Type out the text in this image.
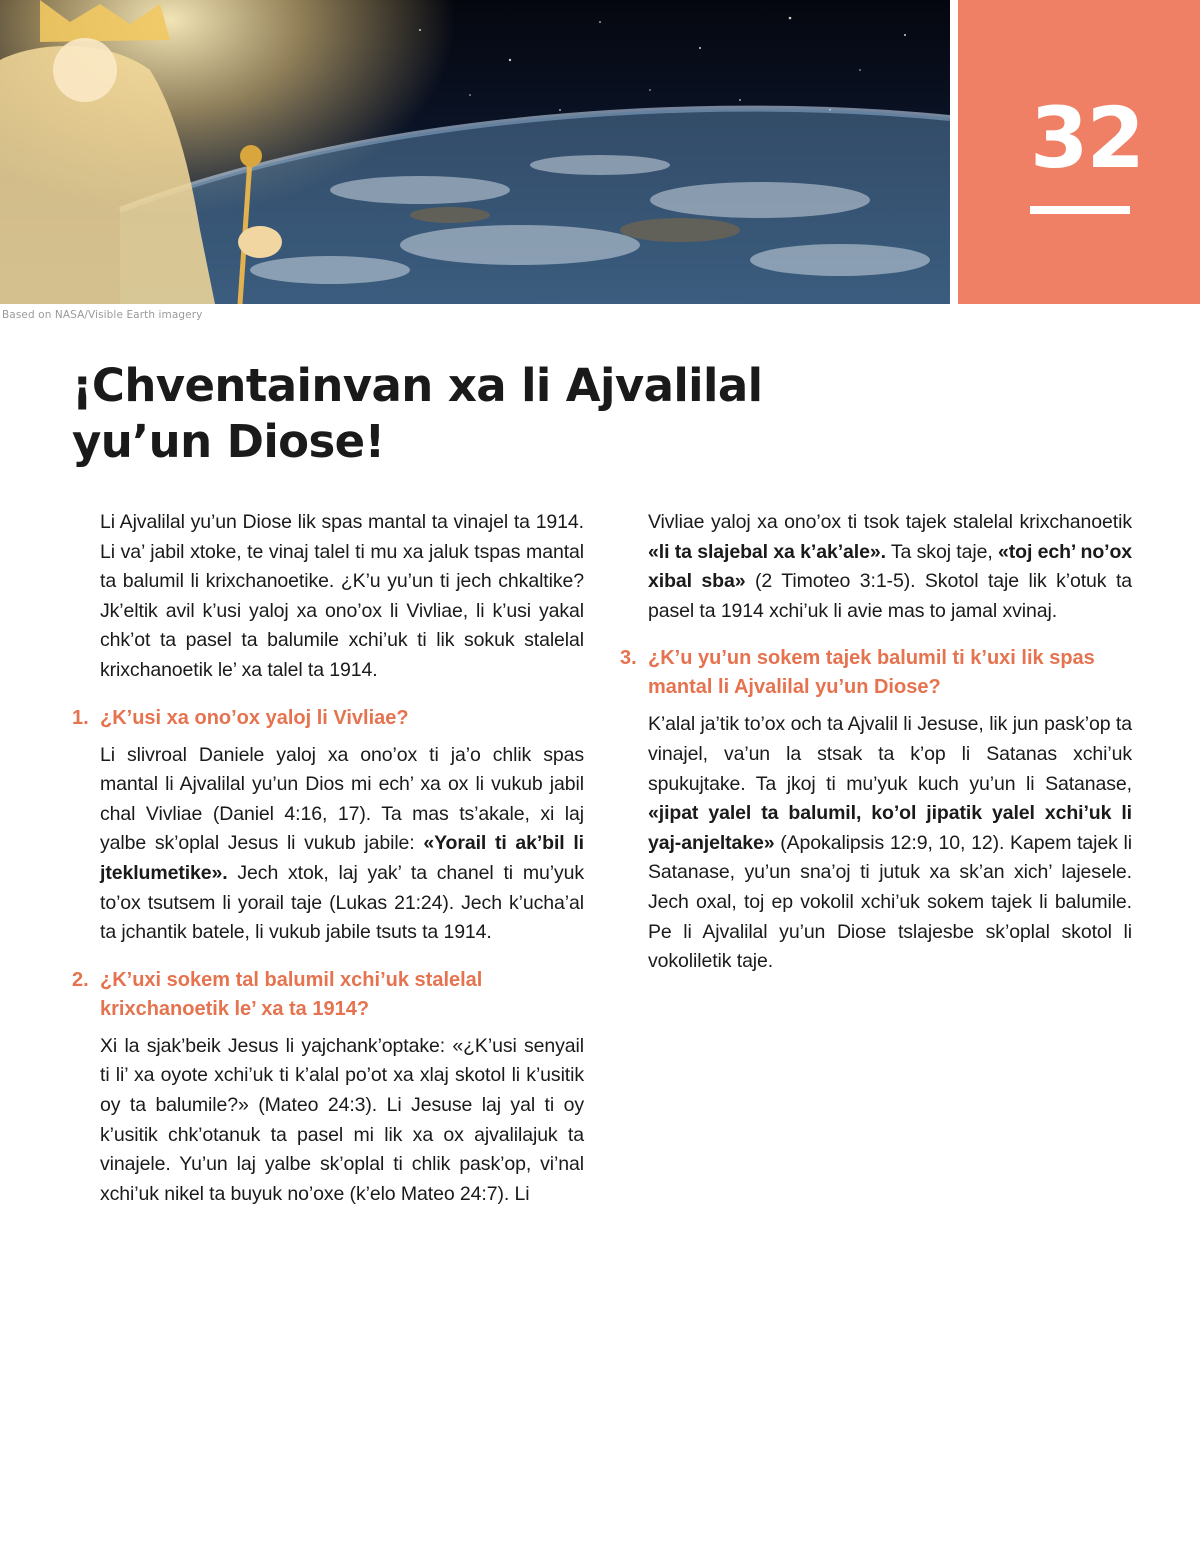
Based on NASA/Visible Earth imagery
32
¡Chventainvan xa li Ajvalilal
yu’un Diose!

Li Ajvalilal yu’un Diose lik spas mantal ta vinajel ta 1914. Li va’ jabil xtoke, te vinaj talel ti mu xa jaluk tspas mantal ta balumil li krixchanoetike. ¿K’u yu’un ti jech chkaltike? Jk’eltik avil k’usi yaloj xa ono’ox li Vivliae, li k’usi yakal chk’ot ta pasel ta balumile xchi’uk ti lik sokuk stalelal krixchanoetik le’ xa talel ta 1914.

1. ¿K’usi xa ono’ox yaloj li Vivliae?

Li slivroal Daniele yaloj xa ono’ox ti ja’o chlik spas mantal li Ajvalilal yu’un Dios mi ech’ xa ox li vukub jabil chal Vivliae (Daniel 4:16, 17). Ta mas ts’akale, xi laj yalbe sk’oplal Jesus li vukub jabile: «Yorail ti ak’bil li jteklumetike». Jech xtok, laj yak’ ta chanel ti mu’yuk to’ox tsutsem li yorail taje (Lukas 21:24). Jech k’ucha’al ta jchantik batele, li vukub jabile tsuts ta 1914.

2. ¿K’uxi sokem tal balumil xchi’uk stalelal krixchanoetik le’ xa ta 1914?

Xi la sjak’beik Jesus li yajchank’optake: «¿K’usi senyail ti li’ xa oyote xchi’uk ti k’alal po’ot xa xlaj skotol li k’usitik oy ta balumile?» (Mateo 24:3). Li Jesuse laj yal ti oy k’usitik chk’otanuk ta pasel mi lik xa ox ajvalilajuk ta vinajele. Yu’un laj yalbe sk’oplal ti chlik pask’op, vi’nal xchi’uk nikel ta buyuk no’oxe (k’elo Mateo 24:7). Li

Vivliae yaloj xa ono’ox ti tsok tajek stalelal krixchanoetik «li ta slajebal xa k’ak’ale». Ta skoj taje, «toj ech’ no’ox xibal sba» (2 Timoteo 3:1-5). Skotol taje lik k’otuk ta pasel ta 1914 xchi’uk li avie mas to jamal xvinaj.

3. ¿K’u yu’un sokem tajek balumil ti k’uxi lik spas mantal li Ajvalilal yu’un Diose?

K’alal ja’tik to’ox och ta Ajvalil li Jesuse, lik jun pask’op ta vinajel, va’un la stsak ta k’op li Satanas xchi’uk spukujtake. Ta jkoj ti mu’yuk kuch yu’un li Satanase, «jipat yalel ta balumil, ko’ol jipatik yalel xchi’uk li yaj-anjeltake» (Apokalipsis 12:9, 10, 12). Kapem tajek li Satanase, yu’un sna’oj ti jutuk xa sk’an xich’ lajesele. Jech oxal, toj ep vokolil xchi’uk sokem tajek li balumile. Pe li Ajvalilal yu’un Diose tslajesbe sk’oplal skotol li vokoliletik taje.
